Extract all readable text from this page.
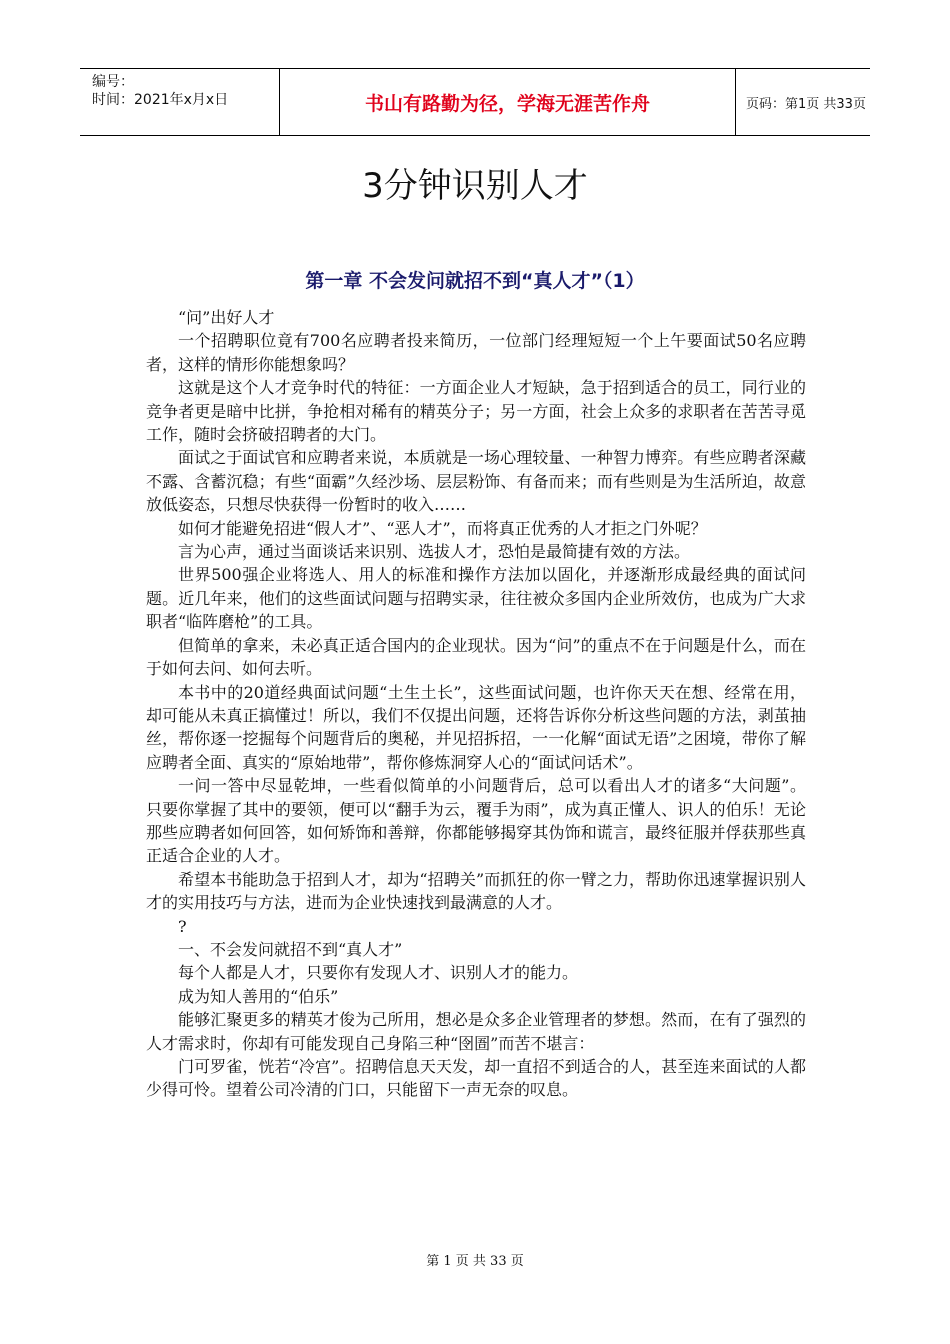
编号：
时间：2021年x月x日	书山有路勤为径，学海无涯苦作舟	页码：第1页 共33页
3分钟识别人才
第一章 不会发问就招不到“真人才”（1）

“问”出好人才

一个招聘职位竟有700名应聘者投来简历，一位部门经理短短一个上午要面试50名应聘者，这样的情形你能想象吗？

这就是这个人才竞争时代的特征：一方面企业人才短缺，急于招到适合的员工，同行业的竞争者更是暗中比拼，争抢相对稀有的精英分子；另一方面，社会上众多的求职者在苦苦寻觅工作，随时会挤破招聘者的大门。

面试之于面试官和应聘者来说，本质就是一场心理较量、一种智力博弈。有些应聘者深藏不露、含蓄沉稳；有些“面霸”久经沙场、层层粉饰、有备而来；而有些则是为生活所迫，故意放低姿态，只想尽快获得一份暂时的收入……

如何才能避免招进“假人才”、“恶人才”，而将真正优秀的人才拒之门外呢？

言为心声，通过当面谈话来识别、选拔人才，恐怕是最简捷有效的方法。

世界500强企业将选人、用人的标准和操作方法加以固化，并逐渐形成最经典的面试问题。近几年来，他们的这些面试问题与招聘实录，往往被众多国内企业所效仿，也成为广大求职者“临阵磨枪”的工具。

但简单的拿来，未必真正适合国内的企业现状。因为“问”的重点不在于问题是什么，而在于如何去问、如何去听。

本书中的20道经典面试问题“土生土长”，这些面试问题，也许你天天在想、经常在用，却可能从未真正搞懂过！所以，我们不仅提出问题，还将告诉你分析这些问题的方法，剥茧抽丝，帮你逐一挖掘每个问题背后的奥秘，并见招拆招，一一化解“面试无语”之困境，带你了解应聘者全面、真实的“原始地带”，帮你修炼洞穿人心的“面试问话术”。

一问一答中尽显乾坤，一些看似简单的小问题背后，总可以看出人才的诸多“大问题”。 只要你掌握了其中的要领，便可以“翻手为云，覆手为雨”，成为真正懂人、识人的伯乐！无论那些应聘者如何回答，如何矫饰和善辩，你都能够揭穿其伪饰和谎言，最终征服并俘获那些真正适合企业的人才。

希望本书能助急于招到人才，却为“招聘关”而抓狂的你一臂之力，帮助你迅速掌握识别人才的实用技巧与方法，进而为企业快速找到最满意的人才。

?

一、不会发问就招不到“真人才”

每个人都是人才，只要你有发现人才、识别人才的能力。

成为知人善用的“伯乐”

能够汇聚更多的精英才俊为己所用，想必是众多企业管理者的梦想。然而，在有了强烈的人才需求时，你却有可能发现自己身陷三种“囹圄”而苦不堪言：

门可罗雀，恍若“冷宫”。招聘信息天天发，却一直招不到适合的人，甚至连来面试的人都少得可怜。望着公司冷清的门口，只能留下一声无奈的叹息。

第 1 页 共 33 页
